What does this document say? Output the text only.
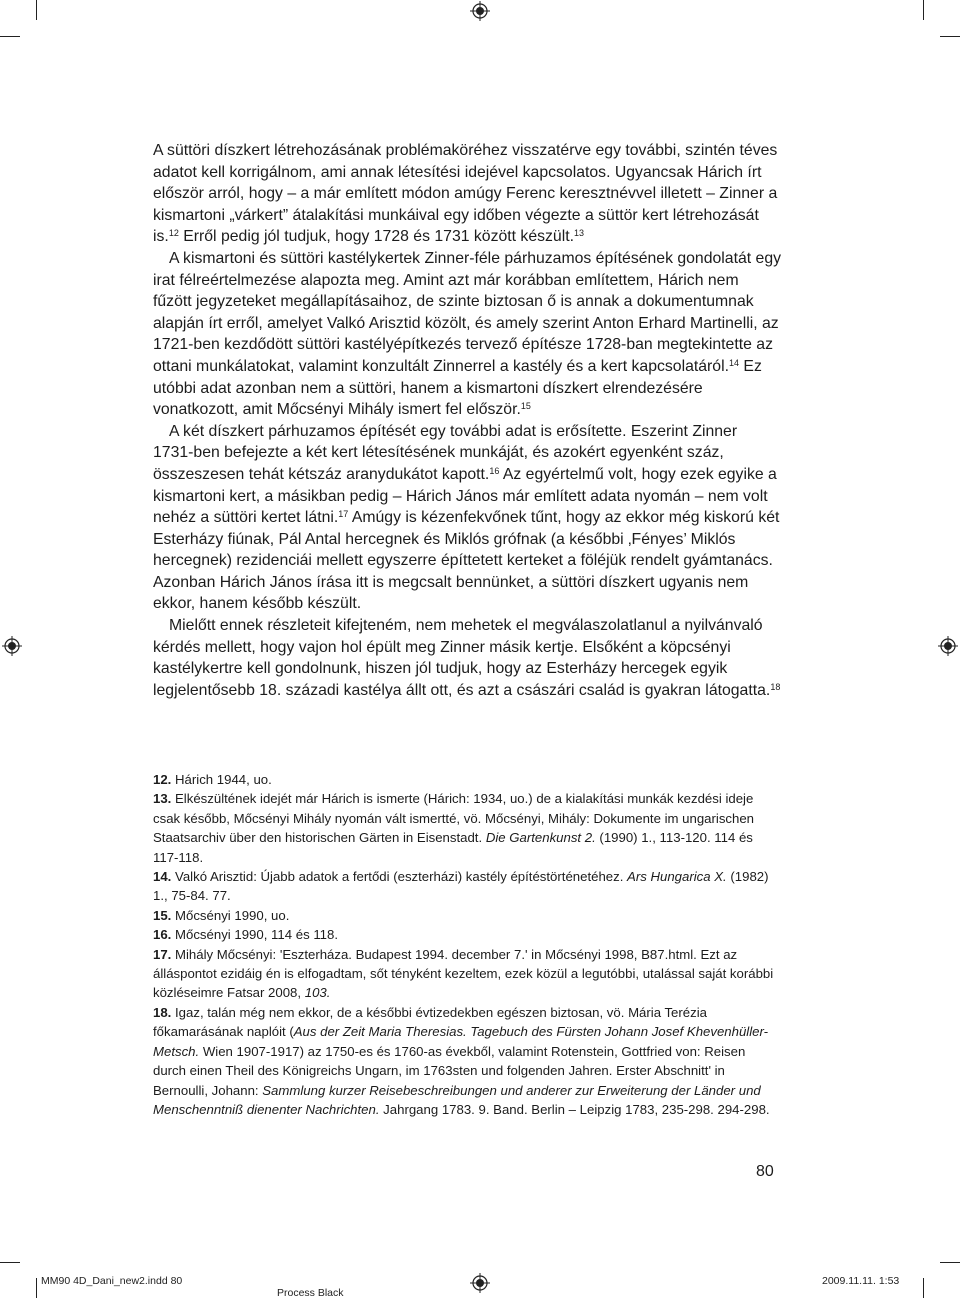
A süttöri díszkert létrehozásának problémaköréhez visszatérve egy további, szintén téves adatot kell korrigálnom, ami annak létesítési idejével kapcsolatos. Ugyancsak Hárich írt először arról, hogy – a már említett módon amúgy Ferenc keresztnévvel illetett – Zinner a kismartoni „várkert” átalakítási munkáival egy időben végezte a süttör kert létrehozását is.$^{12}$ Erről pedig jól tudjuk, hogy 1728 és 1731 között készült.$^{13}$

A kismartoni és süttöri kastélykertek Zinner-féle párhuzamos építésének gondolatát egy irat félreértelmezése alapozta meg. Amint azt már korábban említettem, Hárich nem fűzött jegyzeteket megállapításaihoz, de szinte biztosan ő is annak a dokumentumnak alapján írt erről, amelyet Valkó Arisztid közölt, és amely szerint Anton Erhard Martinelli, az 1721-ben kezdődött süttöri kastélyépítkezés tervező építésze 1728-ban megtekintette az ottani munkálatokat, valamint konzultált Zinnerrel a kastély és a kert kapcsolatáról.$^{14}$ Ez utóbbi adat azonban nem a süttöri, hanem a kismartoni díszkert elrendezésére vonatkozott, amit Mőcsényi Mihály ismert fel először.$^{15}$

A két díszkert párhuzamos építését egy további adat is erősítette. Eszerint Zinner 1731-ben befejezte a két kert létesítésének munkáját, és azokért egyenként száz, összeszesen tehát kétszáz aranydukátot kapott.$^{16}$ Az egyértelmű volt, hogy ezek egyike a kismartoni kert, a másikban pedig – Hárich János már említett adata nyomán – nem volt nehéz a süttöri kertet látni.$^{17}$ Amúgy is kézenfekvőnek tűnt, hogy az ekkor még kiskorú két Esterházy fiúnak, Pál Antal hercegnek és Miklós grófnak (a későbbi ‚Fényes’ Miklós hercegnek) rezidenciái mellett egyszerre építtetett kerteket a föléjük rendelt gyámtanács. Azonban Hárich János írása itt is megcsalt bennünket, a süttöri díszkert ugyanis nem ekkor, hanem később készült.

Mielőtt ennek részleteit kifejteném, nem mehetek el megválaszolatlanul a nyilvánvaló kérdés mellett, hogy vajon hol épült meg Zinner másik kertje. Elsőként a köpcsényi kastélykertre kell gondolnunk, hiszen jól tudjuk, hogy az Esterházy hercegek egyik legjelentősebb 18. századi kastélya állt ott, és azt a császári család is gyakran látogatta.$^{18}$

12. Hárich 1944, uo.
13. Elkészültének idejét már Hárich is ismerte (Hárich: 1934, uo.) de a kialakítási munkák kezdési ideje csak később, Mőcsényi Mihály nyomán vált ismertté, vö. Mőcsényi, Mihály: Dokumente im ungarischen Staatsarchiv über den historischen Gärten in Eisenstadt. Die Gartenkunst 2. (1990) 1., 113-120. 114 és 117-118.
14. Valkó Arisztid: Újabb adatok a fertődi (eszterházi) kastély építéstörténetéhez. Ars Hungarica X. (1982) 1., 75-84. 77.
15. Mőcsényi 1990, uo.
16. Mőcsényi 1990, 114 és 118.
17. Mihály Mőcsényi: 'Eszterháza. Budapest 1994. december 7.' in Mőcsényi 1998, B87.html. Ezt az álláspontot ezidáig én is elfogadtam, sőt tényként kezeltem, ezek közül a legutóbbi, utalással saját korábbi közléseimre Fatsar 2008, 103.
18. Igaz, talán még nem ekkor, de a későbbi évtizedekben egészen biztosan, vö. Mária Terézia főkamarásának naplóit (Aus der Zeit Maria Theresias. Tagebuch des Fürsten Johann Josef Khevenhüller-Metsch. Wien 1907-1917) az 1750-es és 1760-as évekből, valamint Rotenstein, Gottfried von: Reisen durch einen Theil des Königreichs Ungarn, im 1763sten und folgenden Jahren. Erster Abschnitt' in Bernoulli, Johann: Sammlung kurzer Reisebeschreibungen und anderer zur Erweiterung der Länder und Menschenntniß dienenter Nachrichten. Jahrgang 1783. 9. Band. Berlin – Leipzig 1783, 235-298. 294-298.
80
MM90 4D_Dani_new2.indd 80
Process Black
2009.11.11. 1:53
